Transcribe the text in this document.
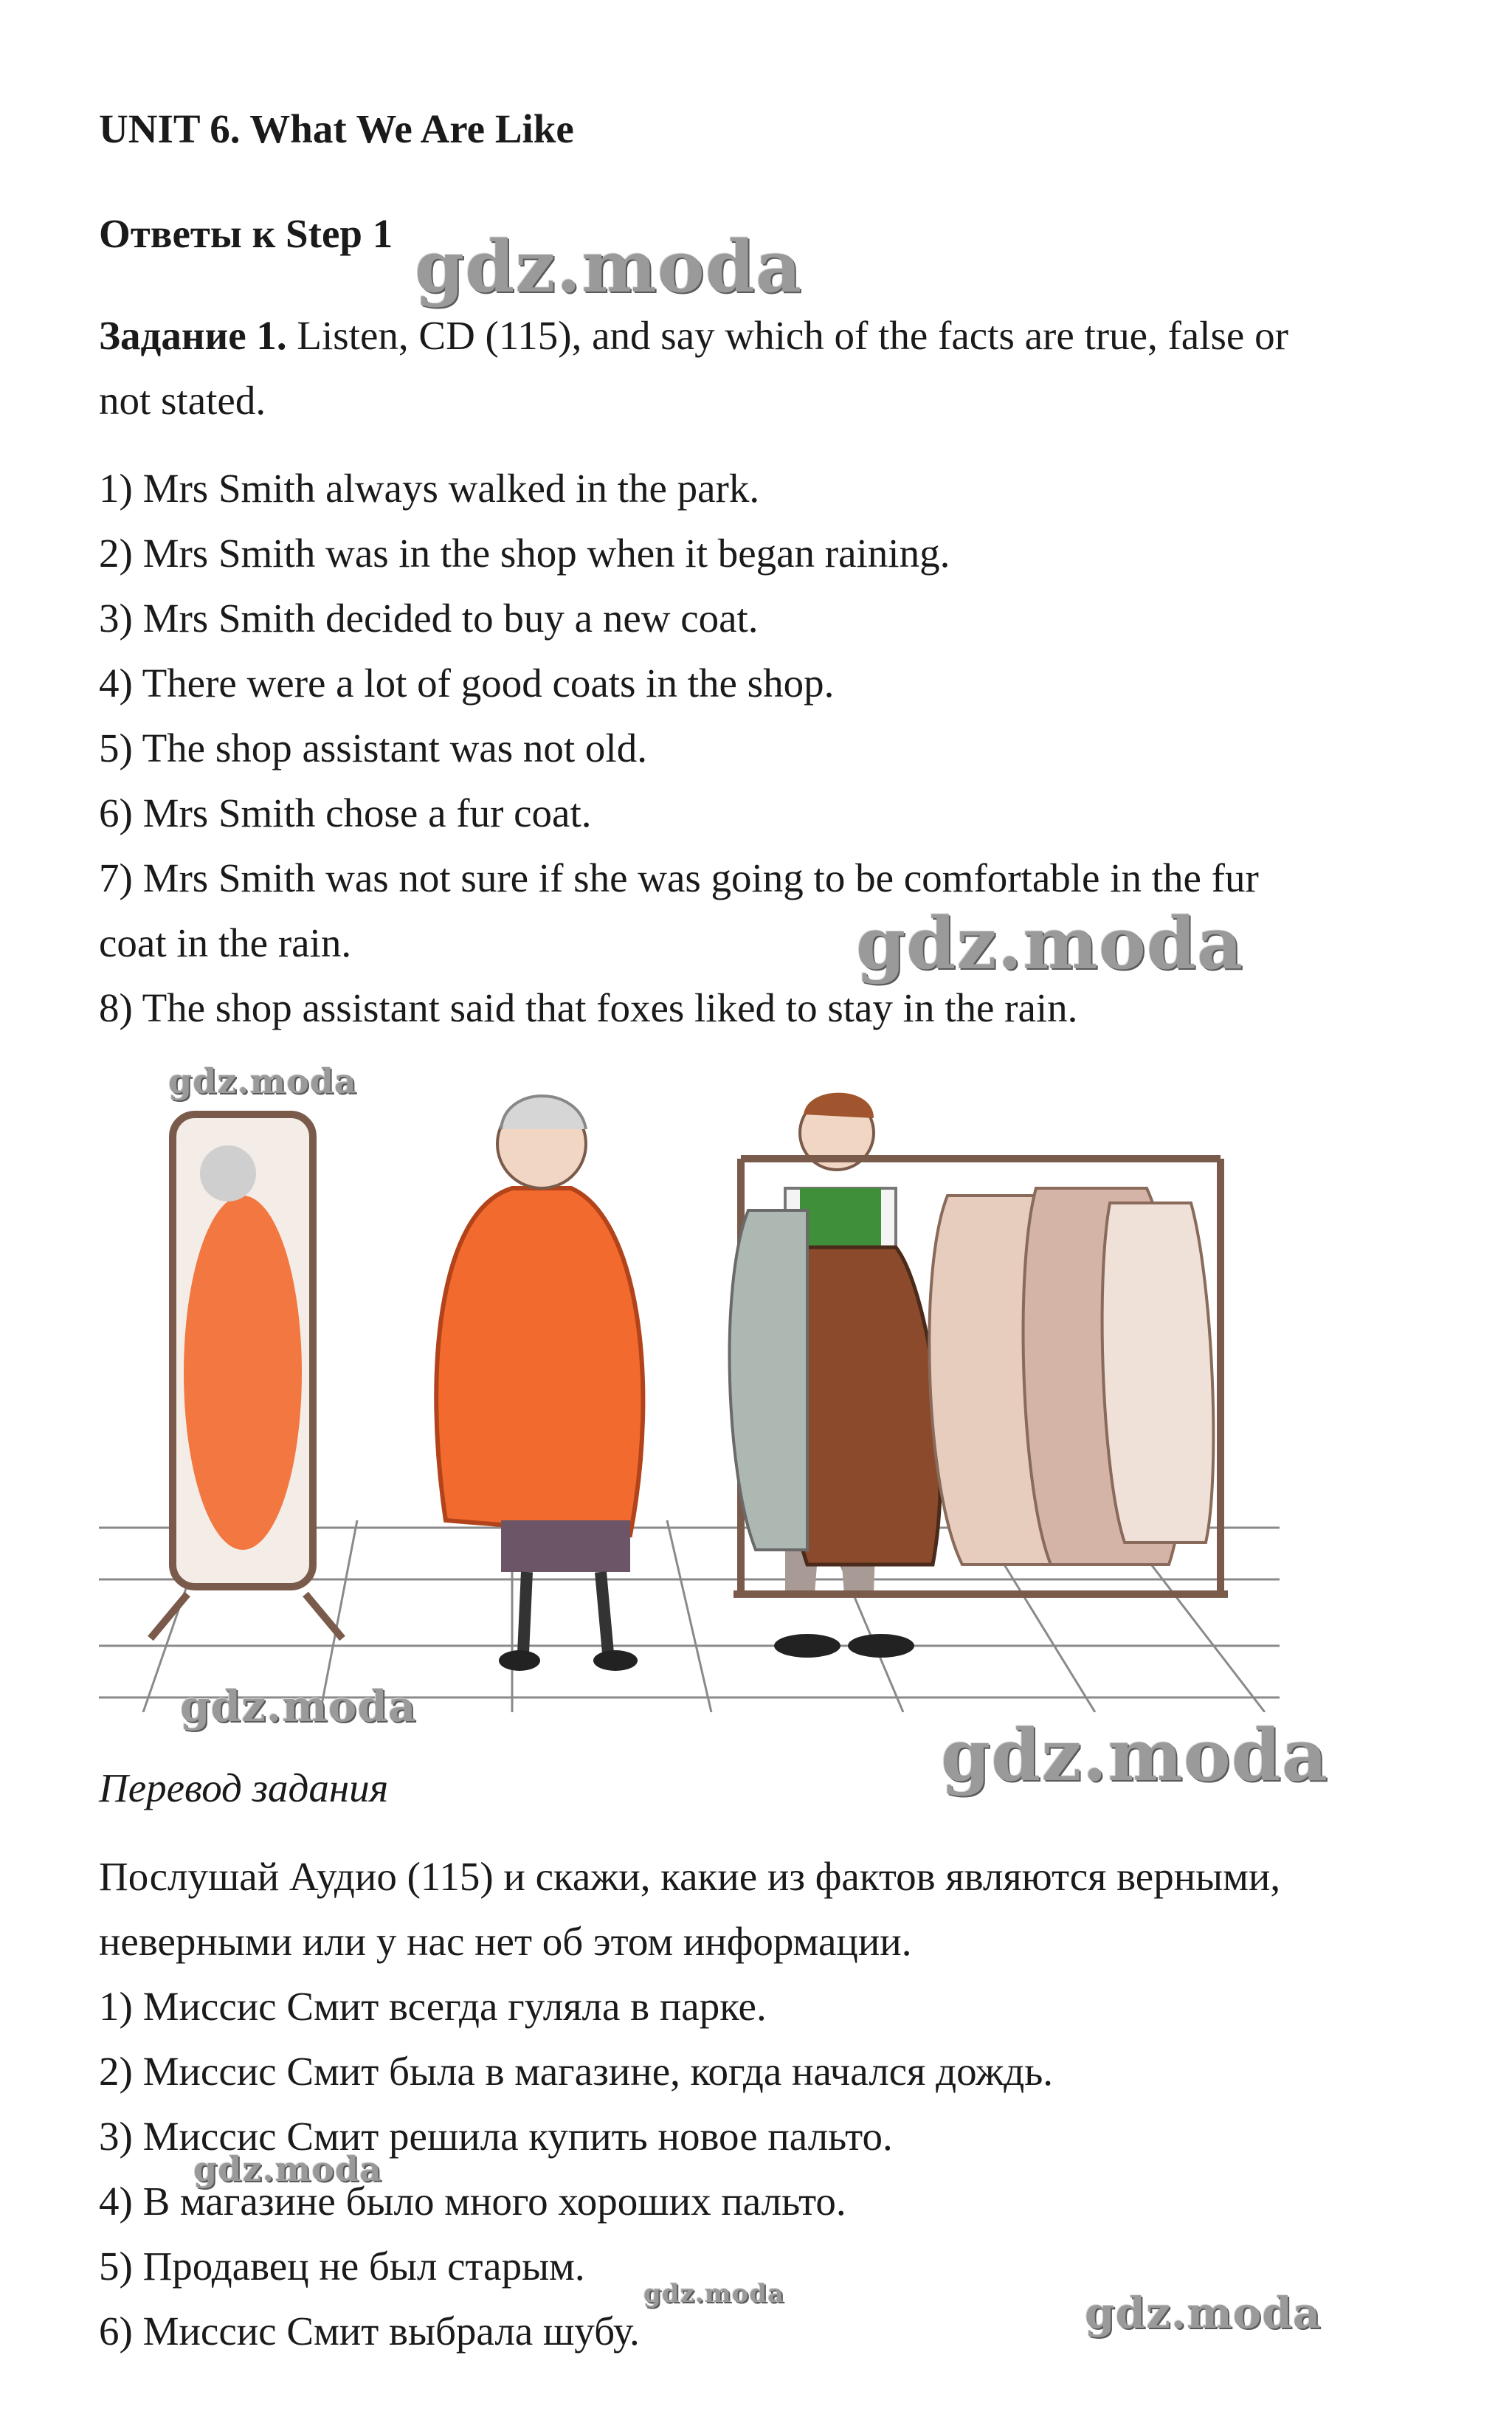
UNIT 6. What We Are Like
Ответы к Step 1
Задание 1. Listen, CD (115), and say which of the facts are true, false or
not stated.
1) Mrs Smith always walked in the park.
2) Mrs Smith was in the shop when it began raining.
3) Mrs Smith decided to buy a new coat.
4) There were a lot of good coats in the shop.
5) The shop assistant was not old.
6) Mrs Smith chose a fur coat.
7) Mrs Smith was not sure if she was going to be comfortable in the fur
coat in the rain.
8) The shop assistant said that foxes liked to stay in the rain.
Перевод задания
Послушай Аудио (115) и скажи, какие из фактов являются верными,
неверными или у нас нет об этом информации.
1) Миссис Смит всегда гуляла в парке.
2) Миссис Смит была в магазине, когда начался дождь.
3) Миссис Смит решила купить новое пальто.
4) В магазине было много хороших пальто.
5) Продавец не был старым.
6) Миссис Смит выбрала шубу.
gdz.moda
gdz.moda
gdz.moda
gdz.moda
gdz.moda
gdz.moda
gdz.moda	gdz.moda
